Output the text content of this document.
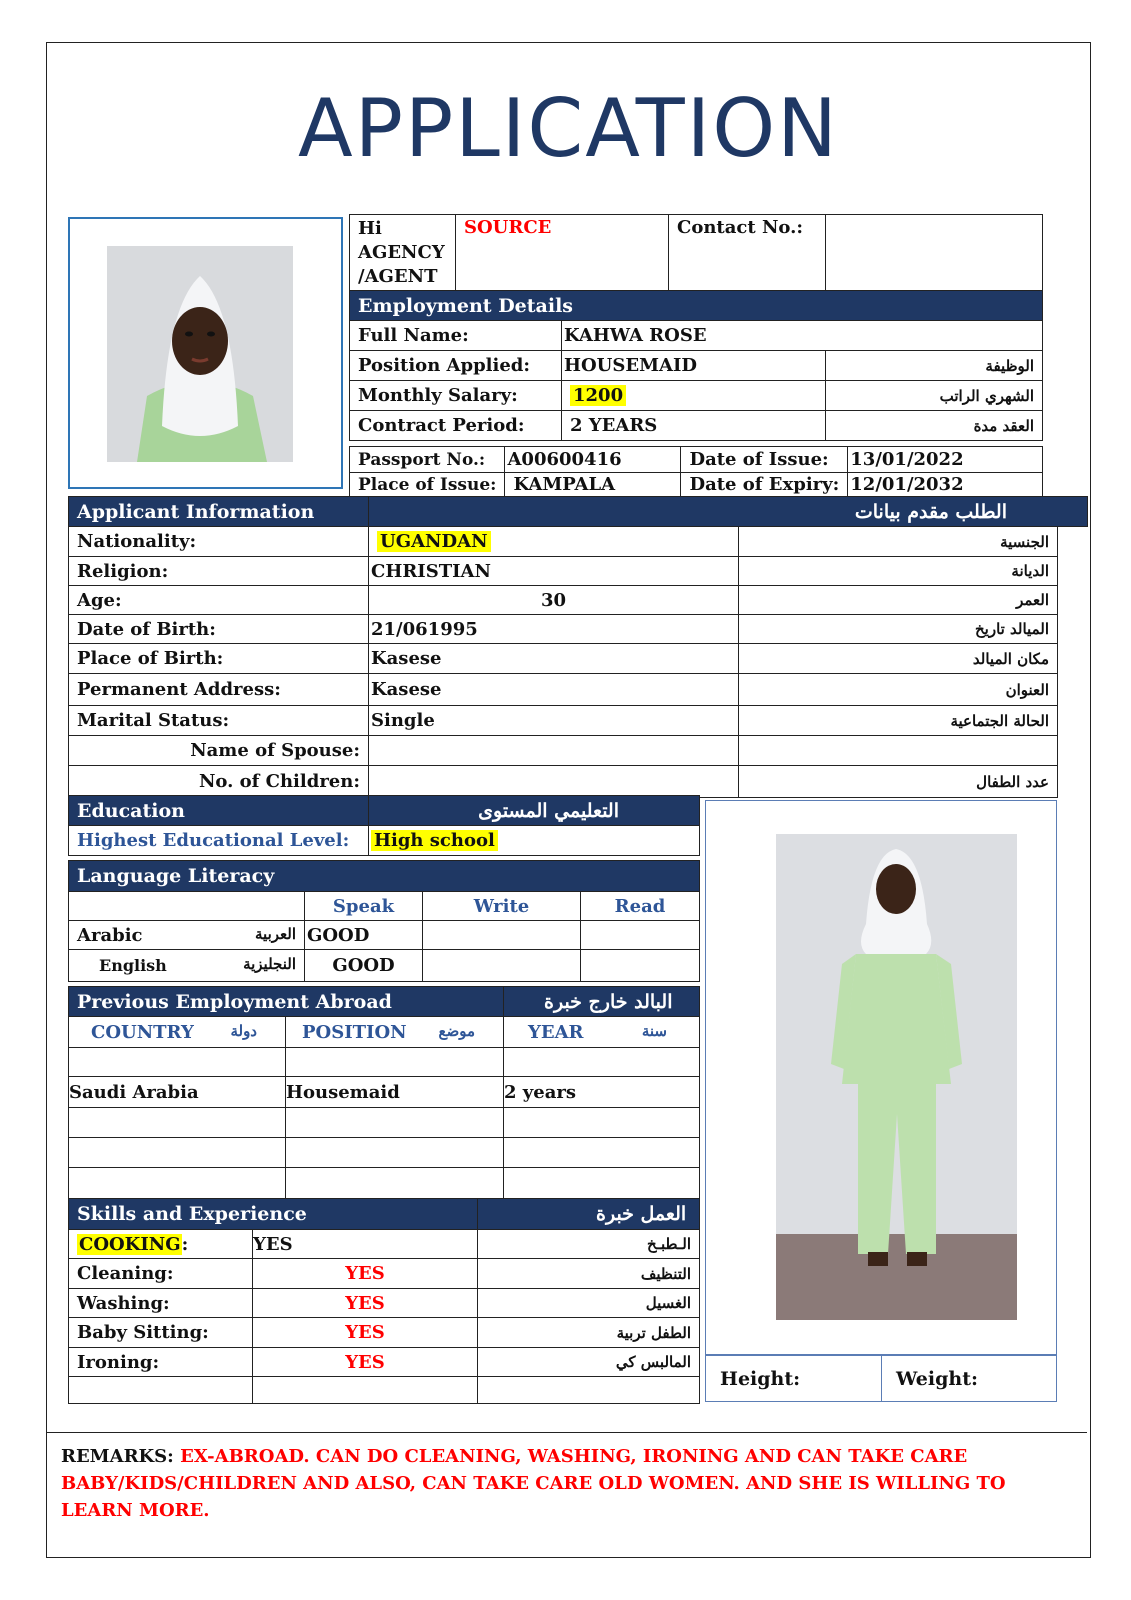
APPLICATION
Hi AGENCY /AGENT	SOURCE	Contact No.:	
Employment Details		
Full Name:	KAHWA ROSE	
Position Applied:	HOUSEMAID	الوظيفة
Monthly Salary:	1200	الشهري الراتب
Contract Period:	2 YEARS	العقد مدة
Passport No.:	A00600416	Date of Issue:	13/01/2022
Place of Issue:	KAMPALA	Date of Expiry:	12/01/2032
Applicant Information	الطلب مقدم بيانات
Nationality:	UGANDAN	الجنسية
Religion:	CHRISTIAN	الديانة
Age:	30	العمر
Date of Birth:	21/061995	الميالد تاريخ
Place of Birth:	Kasese	مكان الميالد
Permanent Address:	Kasese	العنوان
Marital Status:	Single	الحالة الجتماعية
Name of Spouse:		
No. of Children:		عدد الطفال
Education	التعليمي المستوى
Highest Educational Level:	High school
Language Literacy			
	Speak	Write	Read
Arabic العربية	GOOD		
English النجليزية	GOOD		
Previous Employment Abroad		البالد خارج خبرة
COUNTRY دولة	POSITION موضع	YEAR سنة

Saudi Arabia	Housemaid	2 years

Skills and Experience		العمل خبرة
COOKING:	YES	الـطبـخ
Cleaning:	YES	التنظيف
Washing:	YES	الغسيل
Baby Sitting:	YES	الطفل تربية
Ironing:	YES	المالبس كي

Height:	Weight:

REMARKS: EX-ABROAD. CAN DO CLEANING, WASHING, IRONING AND CAN TAKE CARE
BABY/KIDS/CHILDREN AND ALSO, CAN TAKE CARE OLD WOMEN. AND SHE IS WILLING TO LEARN MORE.
